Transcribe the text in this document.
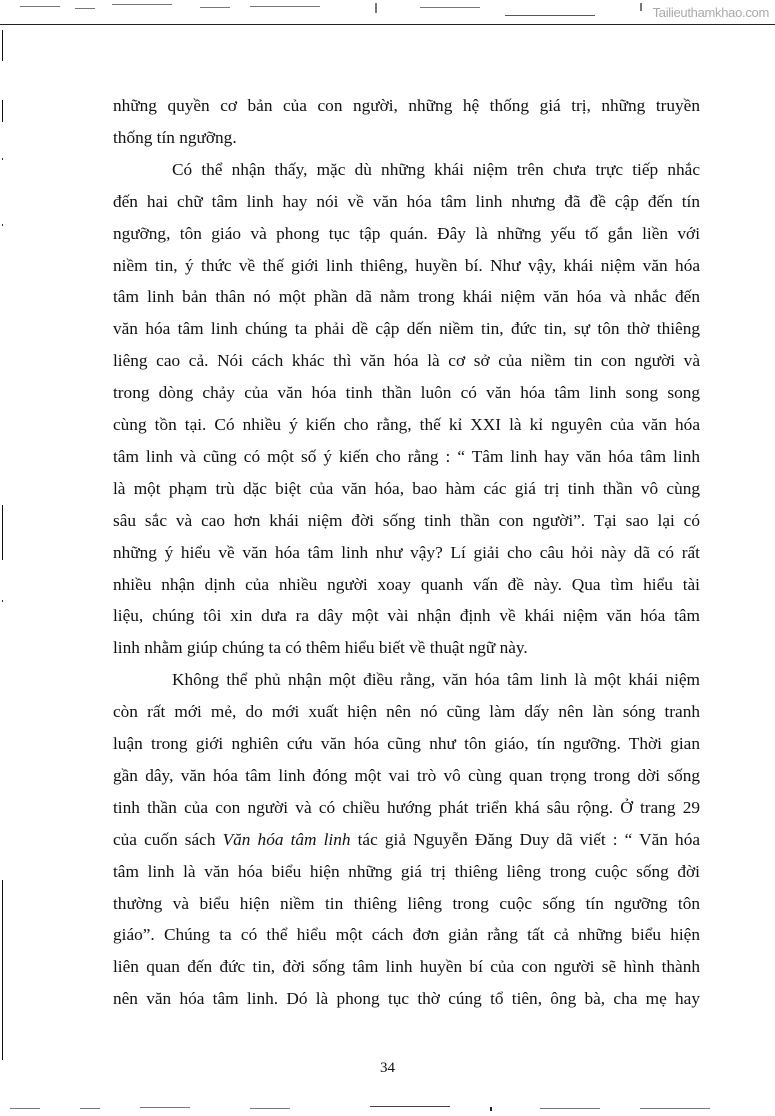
Tailieuthamkhao.com
những quyền cơ bản của con người, những hệ thống giá trị, những truyền
thống tín ngưỡng.
Có thể nhận thấy, mặc dù những khái niệm trên chưa trực tiếp nhắc
đến hai chữ tâm linh hay nói về văn hóa tâm linh nhưng đã đề cập đến tín
ngưỡng, tôn giáo và phong tục tập quán. Đây là những yếu tố gắn liền với
niềm tin, ý thức về thế giới linh thiêng, huyền bí. Như vậy, khái niệm văn hóa
tâm linh bản thân nó một phần dã nằm trong khái niệm văn hóa và nhắc đến
văn hóa tâm linh chúng ta phải dề cập dến niềm tin, đức tin, sự tôn thờ thiêng
liêng cao cả. Nói cách khác thì văn hóa là cơ sở của niềm tin con người và
trong dòng chảy của văn hóa tinh thần luôn có văn hóa tâm linh song song
cùng tồn tại. Có nhiều ý kiến cho rằng, thế kỉ XXI là kỉ nguyên của văn hóa
tâm linh và cũng có một số ý kiến cho rằng : “ Tâm linh hay văn hóa tâm linh
là một phạm trù dặc biệt của văn hóa, bao hàm các giá trị tinh thần vô cùng
sâu sắc và cao hơn khái niệm đời sống tinh thần con người”. Tại sao lại có
những ý hiểu về văn hóa tâm linh như vậy? Lí giải cho câu hỏi này dã có rất
nhiều nhận dịnh của nhiều người xoay quanh vấn đề này. Qua tìm hiểu tài
liệu, chúng tôi xin dưa ra dây một vài nhận định về khái niệm văn hóa tâm
linh nhằm giúp chúng ta có thêm hiểu biết về thuật ngữ này.
Không thể phủ nhận một điều rằng, văn hóa tâm linh là một khái niệm
còn rất mới mẻ, do mới xuất hiện nên nó cũng làm dấy nên làn sóng tranh
luận trong giới nghiên cứu văn hóa cũng như tôn giáo, tín ngưỡng. Thời gian
gần dây, văn hóa tâm linh đóng một vai trò vô cùng quan trọng trong dời sống
tinh thần của con người và có chiều hướng phát triển khá sâu rộng. Ở trang 29
của cuốn sách Văn hóa tâm linh tác giả Nguyễn Đăng Duy dã viết : “ Văn hóa
tâm linh là văn hóa biểu hiện những giá trị thiêng liêng trong cuộc sống đời
thường và biểu hiện niềm tin thiêng liêng trong cuộc sống tín ngưỡng tôn
giáo”. Chúng ta có thể hiểu một cách đơn giản rằng tất cả những biểu hiện
liên quan đến đức tin, đời sống tâm linh huyền bí của con người sẽ hình thành
nên văn hóa tâm linh. Dó là phong tục thờ cúng tổ tiên, ông bà, cha mẹ hay
34
